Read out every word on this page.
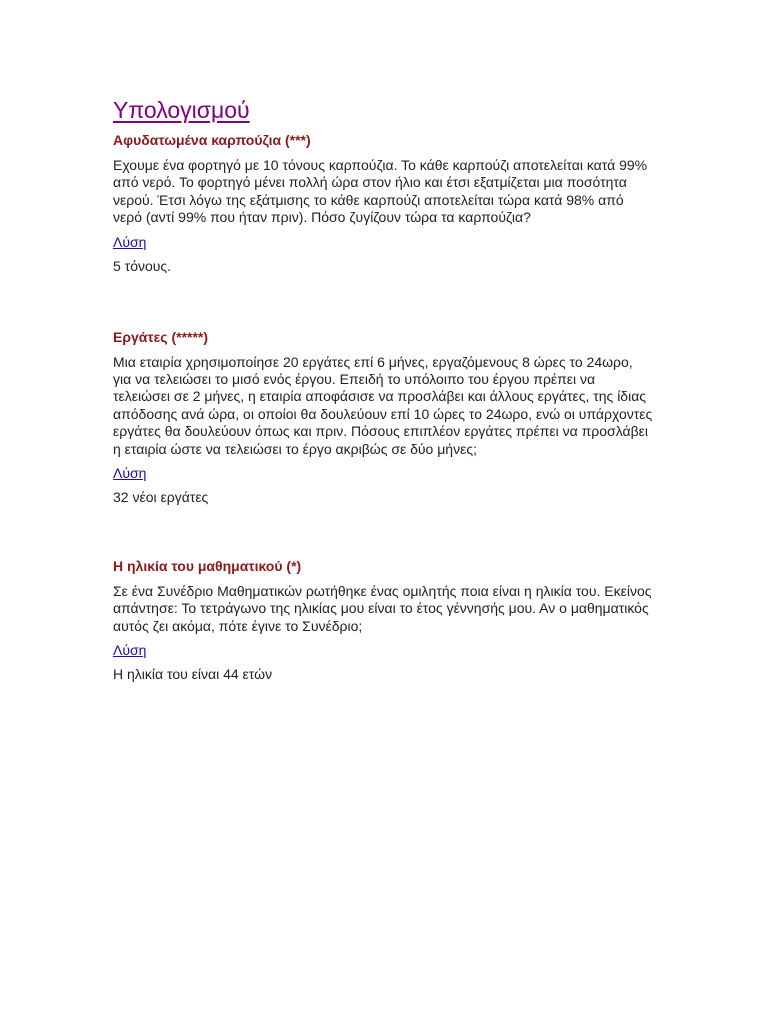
Υπολογισμού
Αφυδατωμένα καρπούζια (***)
Εχουμε ένα φορτηγό με 10 τόνους καρπούζια. Το κάθε καρπούζι αποτελείται κατά 99% από νερό. Το φορτηγό μένει πολλή ώρα στον ήλιο και έτσι εξατμίζεται μια ποσότητα νερού. Έτσι λόγω της εξάτμισης το κάθε καρπούζι αποτελείται τώρα κατά 98% από νερό (αντί 99% που ήταν πριν). Πόσο ζυγίζουν τώρα τα καρπούζια?
Λύση
5 τόνους.
Εργάτες (*****)
Μια εταιρία χρησιμοποίησε 20 εργάτες επί 6 μήνες, εργαζόμενους 8 ώρες το 24ωρο, για να τελειώσει το μισό ενός έργου. Επειδή το υπόλοιπο του έργου πρέπει να τελειώσει σε 2 μήνες, η εταιρία αποφάσισε να προσλάβει και άλλους εργάτες, της ίδιας απόδοσης ανά ώρα, οι οποίοι θα δουλεύουν επί 10 ώρες το 24ωρο, ενώ οι υπάρχοντες εργάτες θα δουλεύουν όπως και πριν. Πόσους επιπλέον εργάτες πρέπει να προσλάβει η εταιρία ώστε να τελειώσει το έργο ακριβώς σε δύο μήνες;
Λύση
32 νέοι εργάτες
Η ηλικία του μαθηματικού (*)
Σε ένα Συνέδριο Μαθηματικών ρωτήθηκε ένας ομιλητής ποια είναι η ηλικία του. Εκείνος απάντησε: Το τετράγωνο της ηλικίας μου είναι το έτος γέννησής μου. Αν ο μαθηματικός αυτός ζει ακόμα, πότε έγινε το Συνέδριο;
Λύση
Η ηλικία του είναι 44 ετών
